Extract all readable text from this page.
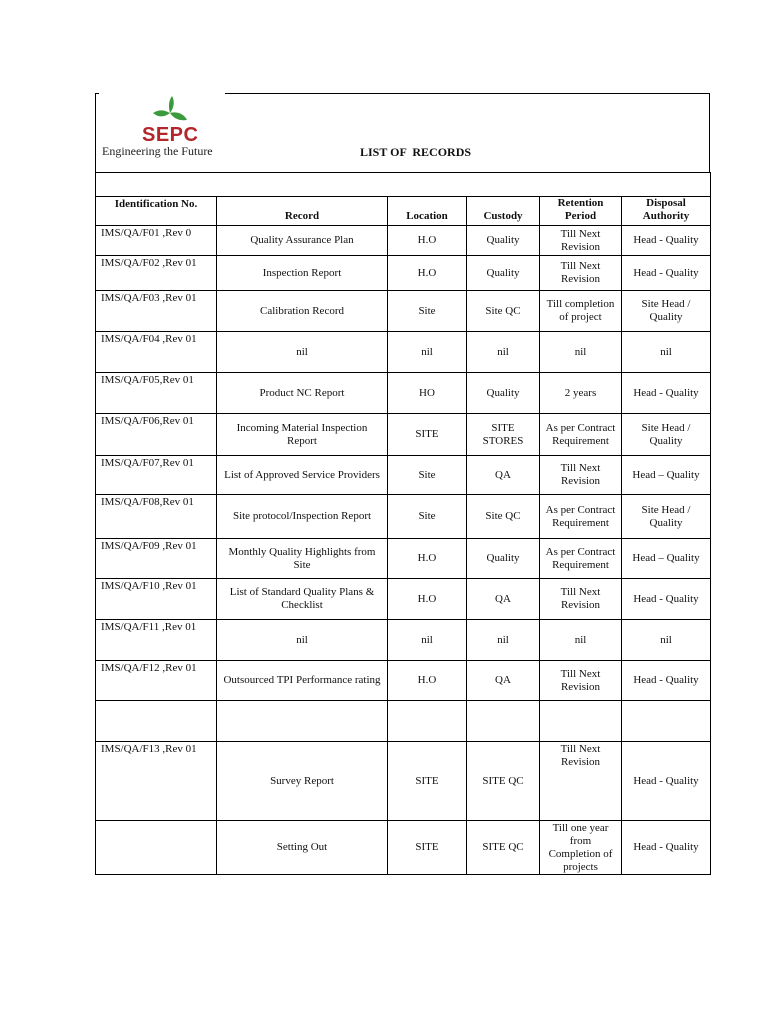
SEPC
Engineering the Future	LIST OF  RECORDS

Identification No.	Record	Location	Custody	Retention Period	Disposal Authority
IMS/QA/F01 ,Rev 0	Quality Assurance Plan	H.O	Quality	Till Next Revision	Head - Quality
IMS/QA/F02 ,Rev 01	Inspection Report	H.O	Quality	Till Next Revision	Head - Quality
IMS/QA/F03 ,Rev 01	Calibration Record	Site	Site QC	Till completion of project	Site Head / Quality
IMS/QA/F04 ,Rev 01	nil	nil	nil	nil	nil
IMS/QA/F05,Rev 01	Product NC Report	HO	Quality	2 years	Head - Quality
IMS/QA/F06,Rev 01	Incoming Material Inspection Report	SITE	SITE STORES	As per Contract Requirement	Site Head / Quality
IMS/QA/F07,Rev 01	List of Approved Service Providers	Site	QA	Till Next Revision	Head – Quality
IMS/QA/F08,Rev 01	Site protocol/Inspection Report	Site	Site QC	As per Contract Requirement	Site Head / Quality
IMS/QA/F09 ,Rev 01	Monthly Quality Highlights from Site	H.O	Quality	As per Contract Requirement	Head – Quality
IMS/QA/F10 ,Rev 01	List of Standard Quality Plans & Checklist	H.O	QA	Till Next Revision	Head - Quality
IMS/QA/F11 ,Rev 01	nil	nil	nil	nil	nil
IMS/QA/F12 ,Rev 01	Outsourced TPI Performance rating	H.O	QA	Till Next Revision	Head - Quality

IMS/QA/F13 ,Rev 01	Survey Report	SITE	SITE QC	Till Next Revision	Head - Quality
	Setting Out	SITE	SITE QC	Till one year from Completion of projects	Head - Quality
